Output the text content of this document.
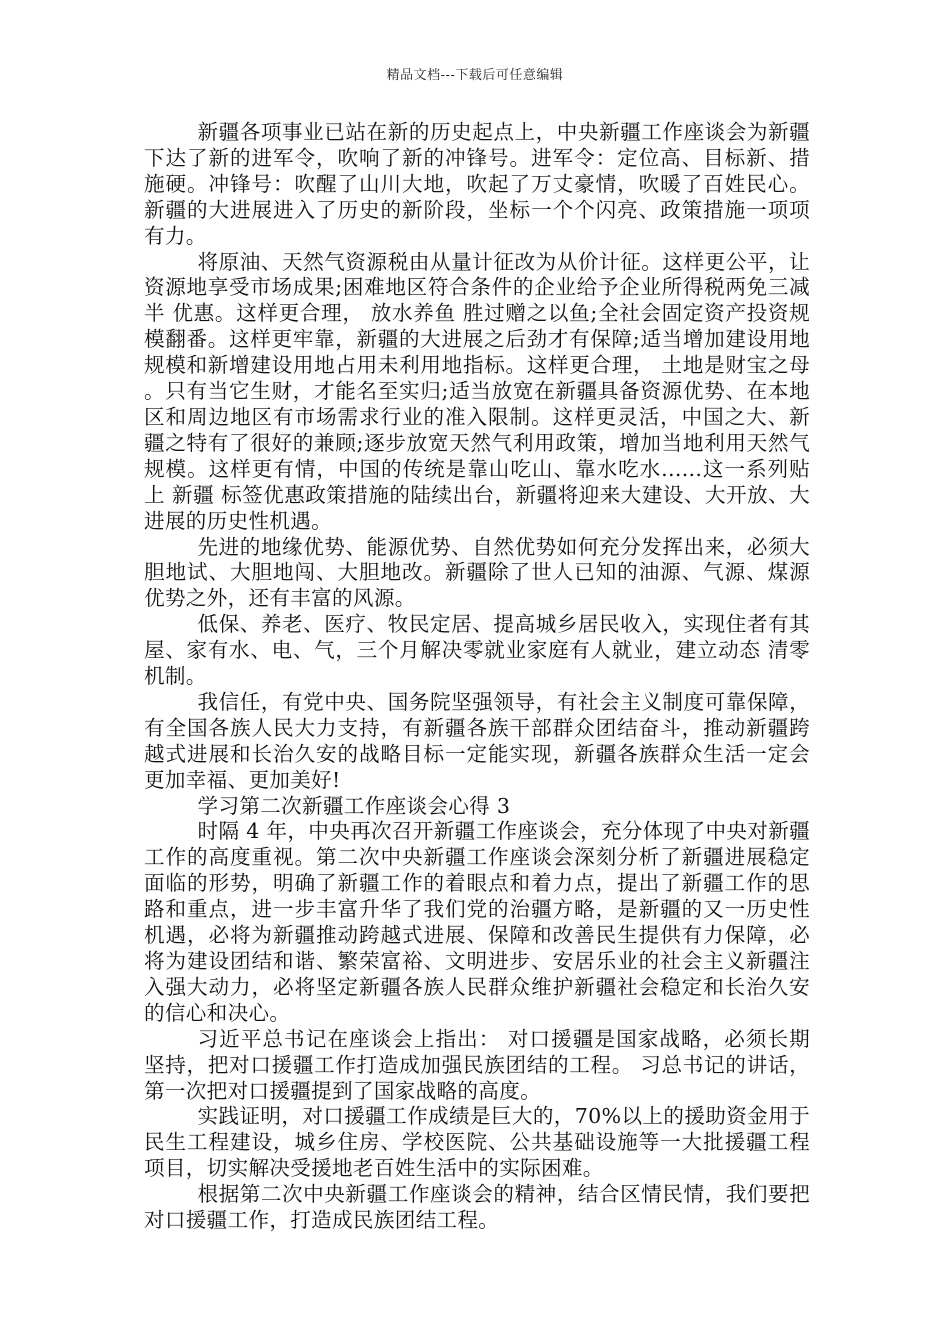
精品文档---下载后可任意编辑

新疆各项事业已站在新的历史起点上，中央新疆工作座谈会为新疆下达了新的进军令，吹响了新的冲锋号。进军令：定位高、目标新、措施硬。冲锋号：吹醒了山川大地，吹起了万丈豪情，吹暖了百姓民心。新疆的大进展进入了历史的新阶段，坐标一个个闪亮、政策措施一项项有力。

将原油、天然气资源税由从量计征改为从价计征。这样更公平，让资源地享受市场成果;困难地区符合条件的企业给予企业所得税两免三减半 优惠。这样更合理， 放水养鱼 胜过赠之以鱼;全社会固定资产投资规模翻番。这样更牢靠，新疆的大进展之后劲才有保障;适当增加建设用地规模和新增建设用地占用未利用地指标。这样更合理， 土地是财宝之母 。只有当它生财，才能名至实归;适当放宽在新疆具备资源优势、在本地区和周边地区有市场需求行业的准入限制。这样更灵活，中国之大、新疆之特有了很好的兼顾;逐步放宽天然气利用政策，增加当地利用天然气规模。这样更有情，中国的传统是靠山吃山、靠水吃水......这一系列贴上 新疆 标签优惠政策措施的陆续出台，新疆将迎来大建设、大开放、大进展的历史性机遇。

先进的地缘优势、能源优势、自然优势如何充分发挥出来，必须大胆地试、大胆地闯、大胆地改。新疆除了世人已知的油源、气源、煤源优势之外，还有丰富的风源。

低保、养老、医疗、牧民定居、提高城乡居民收入，实现住者有其屋、家有水、电、气，三个月解决零就业家庭有人就业，建立动态 清零 机制。

我信任，有党中央、国务院坚强领导，有社会主义制度可靠保障，有全国各族人民大力支持，有新疆各族干部群众团结奋斗，推动新疆跨越式进展和长治久安的战略目标一定能实现，新疆各族群众生活一定会更加幸福、更加美好!

学习第二次新疆工作座谈会心得 3

时隔 4 年，中央再次召开新疆工作座谈会，充分体现了中央对新疆工作的高度重视。第二次中央新疆工作座谈会深刻分析了新疆进展稳定面临的形势，明确了新疆工作的着眼点和着力点，提出了新疆工作的思路和重点，进一步丰富升华了我们党的治疆方略，是新疆的又一历史性机遇，必将为新疆推动跨越式进展、保障和改善民生提供有力保障，必将为建设团结和谐、繁荣富裕、文明进步、安居乐业的社会主义新疆注入强大动力，必将坚定新疆各族人民群众维护新疆社会稳定和长治久安的信心和决心。

习近平总书记在座谈会上指出： 对口援疆是国家战略，必须长期坚持，把对口援疆工作打造成加强民族团结的工程。 习总书记的讲话，第一次把对口援疆提到了国家战略的高度。

实践证明，对口援疆工作成绩是巨大的，70%以上的援助资金用于民生工程建设，城乡住房、学校医院、公共基础设施等一大批援疆工程项目，切实解决受援地老百姓生活中的实际困难。

根据第二次中央新疆工作座谈会的精神，结合区情民情，我们要把对口援疆工作，打造成民族团结工程。
